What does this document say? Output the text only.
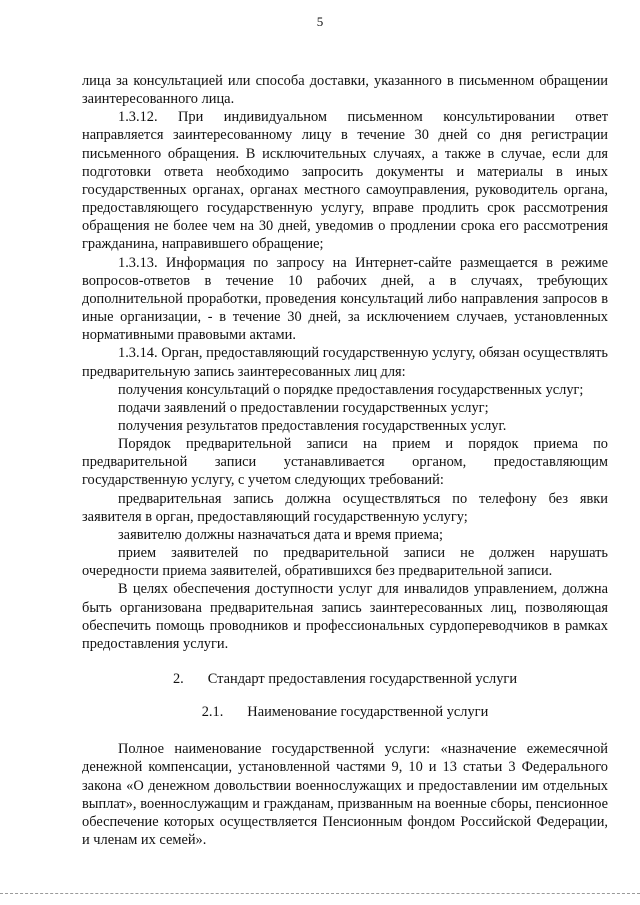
5

лица за консультацией или способа доставки, указанного в письменном обращении заинтересованного лица.

1.3.12. При индивидуальном письменном консультировании ответ направляется заинтересованному лицу в течение 30 дней со дня регистрации письменного обращения. В исключительных случаях, а также в случае, если для подготовки ответа необходимо запросить документы и материалы в иных государственных органах, органах местного самоуправления, руководитель органа, предоставляющего государственную услугу, вправе продлить срок рассмотрения обращения не более чем на 30 дней, уведомив о продлении срока его рассмотрения гражданина, направившего обращение;

1.3.13. Информация по запросу на Интернет-сайте размещается в режиме вопросов-ответов в течение 10 рабочих дней, а в случаях, требующих дополнительной проработки, проведения консультаций либо направления запросов в иные организации, - в течение 30 дней, за исключением случаев, установленных нормативными правовыми актами.

1.3.14. Орган, предоставляющий государственную услугу, обязан осуществлять предварительную запись заинтересованных лиц для:

получения консультаций о порядке предоставления государственных услуг;

подачи заявлений о предоставлении государственных услуг;

получения результатов предоставления государственных услуг.

Порядок предварительной записи на прием и порядок приема по предварительной записи устанавливается органом, предоставляющим государственную услугу, с учетом следующих требований:

предварительная запись должна осуществляться по телефону без явки заявителя в орган, предоставляющий государственную услугу;

заявителю должны назначаться дата и время приема;

прием заявителей по предварительной записи не должен нарушать очередности приема заявителей, обратившихся без предварительной записи.

В целях обеспечения доступности услуг для инвалидов управлением, должна быть организована предварительная запись заинтересованных лиц, позволяющая обеспечить помощь проводников и профессиональных сурдопереводчиков в рамках предоставления услуги.

2. Стандарт предоставления государственной услуги

2.1. Наименование государственной услуги

Полное наименование государственной услуги: «назначение ежемесячной денежной компенсации, установленной частями 9, 10 и 13 статьи 3 Федерального закона «О денежном довольствии военнослужащих и предоставлении им отдельных выплат», военнослужащим и гражданам, призванным на военные сборы, пенсионное обеспечение которых осуществляется Пенсионным фондом Российской Федерации, и членам их семей».
